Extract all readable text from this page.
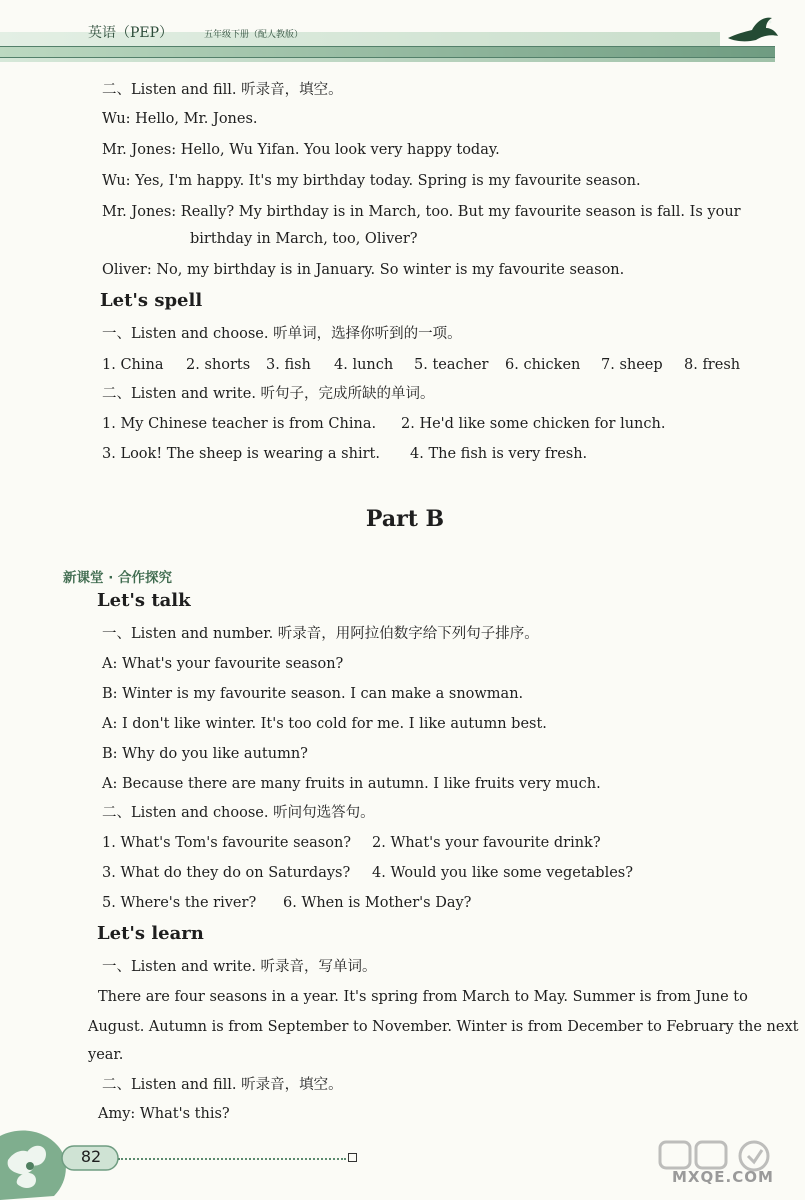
英语（PEP）	五年级下册（配人教版）
二、Listen and fill. 听录音，填空。
Wu: Hello, Mr. Jones.
Mr. Jones: Hello, Wu Yifan. You look very happy today.
Wu: Yes, I'm happy. It's my birthday today. Spring is my favourite season.
Mr. Jones: Really? My birthday is in March, too. But my favourite season is fall. Is your
birthday in March, too, Oliver?
Oliver: No, my birthday is in January. So winter is my favourite season.
Let's spell
一、Listen and choose. 听单词，选择你听到的一项。
1. China 2. shorts 3. fish 4. lunch 5. teacher 6. chicken 7. sheep 8. fresh
二、Listen and write. 听句子，完成所缺的单词。
1. My Chinese teacher is from China. 2. He'd like some chicken for lunch.
3. Look! The sheep is wearing a shirt. 4. The fish is very fresh.
Part B
新课堂 · 合作探究
Let's talk
一、Listen and number. 听录音，用阿拉伯数字给下列句子排序。
A: What's your favourite season?
B: Winter is my favourite season. I can make a snowman.
A: I don't like winter. It's too cold for me. I like autumn best.
B: Why do you like autumn?
A: Because there are many fruits in autumn. I like fruits very much.
二、Listen and choose. 听问句选答句。
1. What's Tom's favourite season? 2. What's your favourite drink?
3. What do they do on Saturdays? 4. Would you like some vegetables?
5. Where's the river? 6. When is Mother's Day?
Let's learn
一、Listen and write. 听录音，写单词。
There are four seasons in a year. It's spring from March to May. Summer is from June to
August. Autumn is from September to November. Winter is from December to February the next
year.
二、Listen and fill. 听录音，填空。
Amy: What's this?
82
MXQE.COM
